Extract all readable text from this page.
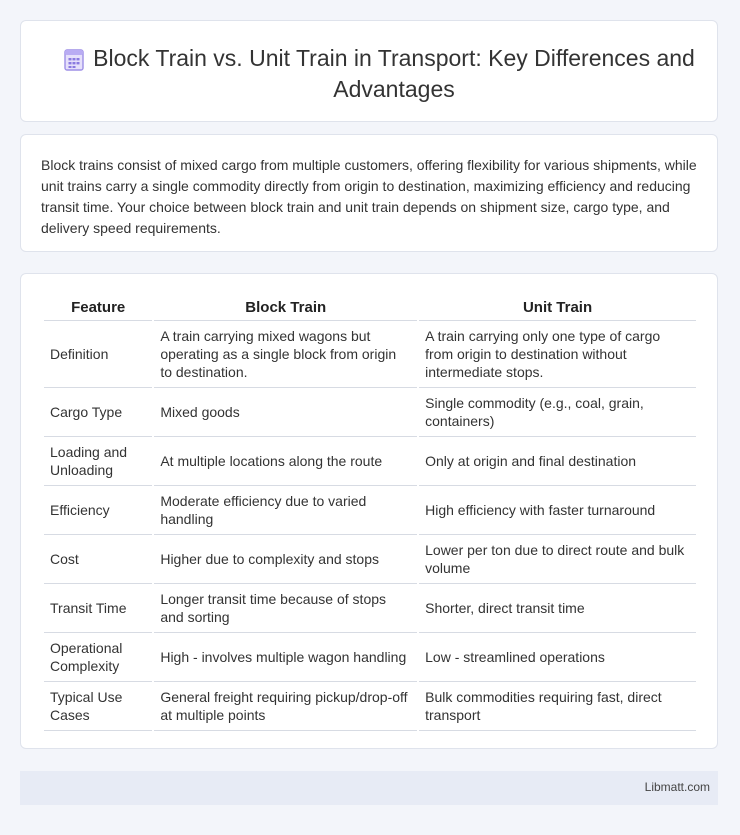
Block Train vs. Unit Train in Transport: Key Differences and Advantages

Block trains consist of mixed cargo from multiple customers, offering flexibility for various shipments, while unit trains carry a single commodity directly from origin to destination, maximizing efficiency and reducing transit time. Your choice between block train and unit train depends on shipment size, cargo type, and delivery speed requirements.

Feature	Block Train	Unit Train
Definition	A train carrying mixed wagons but operating as a single block from origin to destination.	A train carrying only one type of cargo from origin to destination without intermediate stops.
Cargo Type	Mixed goods	Single commodity (e.g., coal, grain, containers)
Loading and Unloading	At multiple locations along the route	Only at origin and final destination
Efficiency	Moderate efficiency due to varied handling	High efficiency with faster turnaround
Cost	Higher due to complexity and stops	Lower per ton due to direct route and bulk volume
Transit Time	Longer transit time because of stops and sorting	Shorter, direct transit time
Operational Complexity	High - involves multiple wagon handling	Low - streamlined operations
Typical Use Cases	General freight requiring pickup/drop-off at multiple points	Bulk commodities requiring fast, direct transport
Libmatt.com
